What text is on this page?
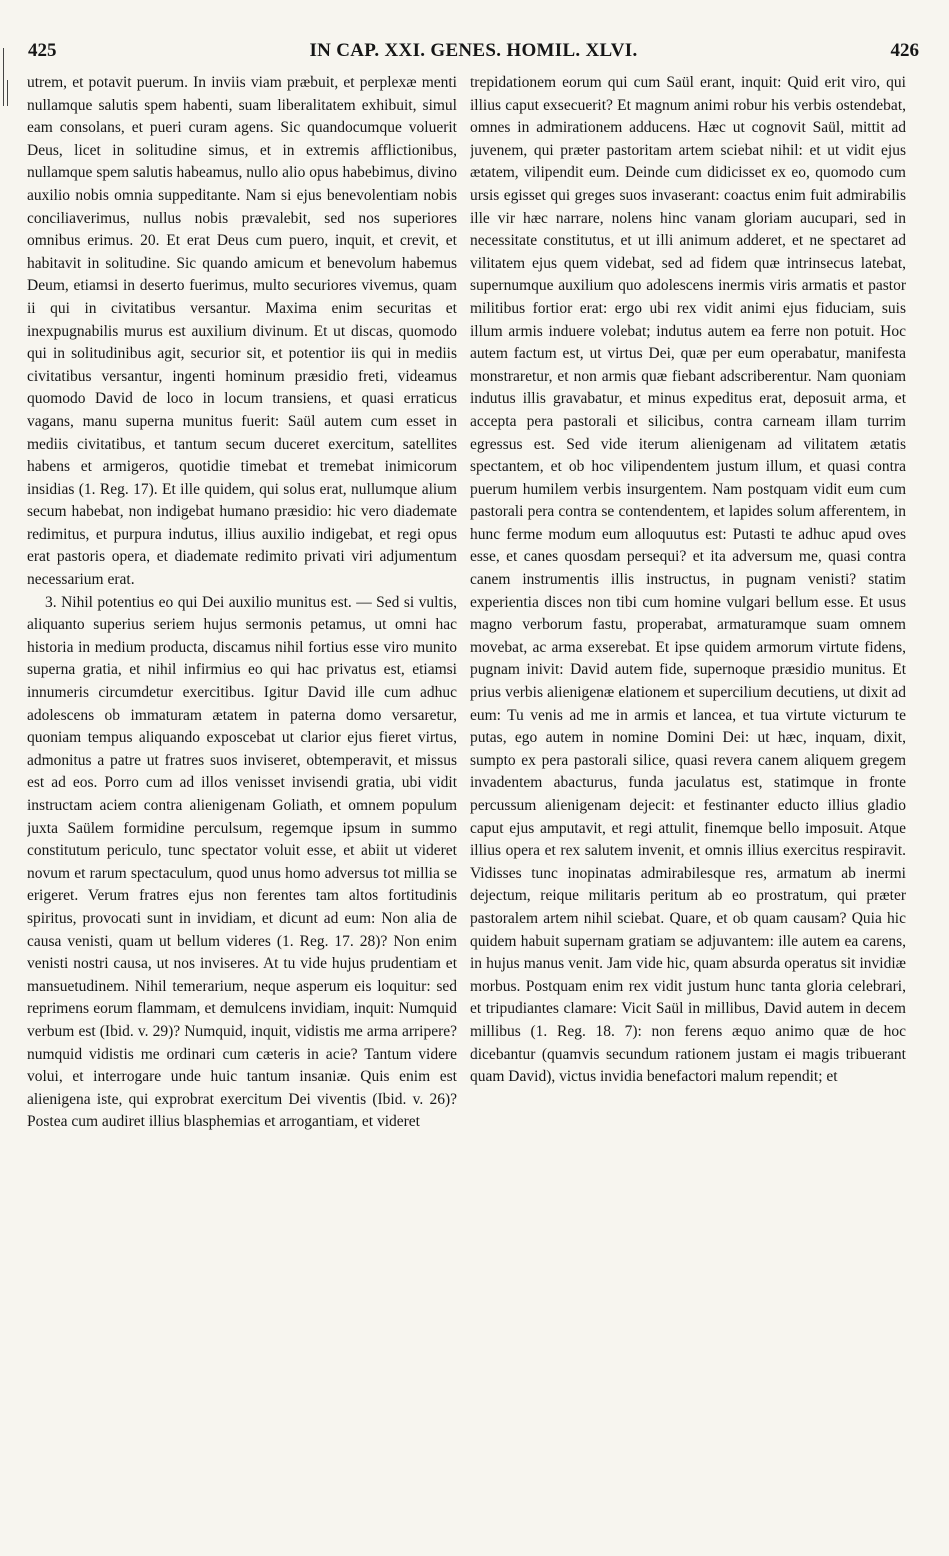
425	IN CAP. XXI. GENES. HOMIL. XLVI.	426

utrem, et potavit puerum. In inviis viam præbuit, et perplexæ menti nullamque salutis spem habenti, suam liberalitatem exhibuit, simul eam consolans, et pueri curam agens. Sic quandocumque voluerit Deus, licet in solitudine simus, et in extremis afflictionibus, nullamque spem salutis habeamus, nullo alio opus habebimus, divino auxilio nobis omnia suppeditante. Nam si ejus benevolentiam nobis conciliaverimus, nullus nobis prævalebit, sed nos superiores omnibus erimus. 20. Et erat Deus cum puero, inquit, et crevit, et habitavit in solitudine. Sic quando amicum et benevolum habemus Deum, etiamsi in deserto fuerimus, multo securiores vivemus, quam ii qui in civitatibus versantur. Maxima enim securitas et inexpugnabilis murus est auxilium divinum. Et ut discas, quomodo qui in solitudinibus agit, securior sit, et potentior iis qui in mediis civitatibus versantur, ingenti hominum præsidio freti, videamus quomodo David de loco in locum transiens, et quasi erraticus vagans, manu superna munitus fuerit: Saül autem cum esset in mediis civitatibus, et tantum secum duceret exercitum, satellites habens et armigeros, quotidie timebat et tremebat inimicorum insidias (1. Reg. 17). Et ille quidem, qui solus erat, nullumque alium secum habebat, non indigebat humano præsidio: hic vero diademate redimitus, et purpura indutus, illius auxilio indigebat, et regi opus erat pastoris opera, et diademate redimito privati viri adjumentum necessarium erat.

3. Nihil potentius eo qui Dei auxilio munitus est. — Sed si vultis, aliquanto superius seriem hujus sermonis petamus, ut omni hac historia in medium producta, discamus nihil fortius esse viro munito superna gratia, et nihil infirmius eo qui hac privatus est, etiamsi innumeris circumdetur exercitibus. Igitur David ille cum adhuc adolescens ob immaturam ætatem in paterna domo versaretur, quoniam tempus aliquando exposcebat ut clarior ejus fieret virtus, admonitus a patre ut fratres suos inviseret, obtemperavit, et missus est ad eos. Porro cum ad illos venisset invisendi gratia, ubi vidit instructam aciem contra alienigenam Goliath, et omnem populum juxta Saülem formidine perculsum, regemque ipsum in summo constitutum periculo, tunc spectator voluit esse, et abiit ut videret novum et rarum spectaculum, quod unus homo adversus tot millia se erigeret. Verum fratres ejus non ferentes tam altos fortitudinis spiritus, provocati sunt in invidiam, et dicunt ad eum: Non alia de causa venisti, quam ut bellum videres (1. Reg. 17. 28)? Non enim venisti nostri causa, ut nos inviseres. At tu vide hujus prudentiam et mansuetudinem. Nihil temerarium, neque asperum eis loquitur: sed reprimens eorum flammam, et demulcens invidiam, inquit: Numquid verbum est (Ibid. v. 29)? Numquid, inquit, vidistis me arma arripere? numquid vidistis me ordinari cum cæteris in acie? Tantum videre volui, et interrogare unde huic tantum insaniæ. Quis enim est alienigena iste, qui exprobrat exercitum Dei viventis (Ibid. v. 26)? Postea cum audiret illius blasphemias et arrogantiam, et videret

trepidationem eorum qui cum Saül erant, inquit: Quid erit viro, qui illius caput exsecuerit? Et magnum animi robur his verbis ostendebat, omnes in admirationem adducens. Hæc ut cognovit Saül, mittit ad juvenem, qui præter pastoritam artem sciebat nihil: et ut vidit ejus ætatem, vilipendit eum. Deinde cum didicisset ex eo, quomodo cum ursis egisset qui greges suos invaserant: coactus enim fuit admirabilis ille vir hæc narrare, nolens hinc vanam gloriam aucupari, sed in necessitate constitutus, et ut illi animum adderet, et ne spectaret ad vilitatem ejus quem videbat, sed ad fidem quæ intrinsecus latebat, supernumque auxilium quo adolescens inermis viris armatis et pastor militibus fortior erat: ergo ubi rex vidit animi ejus fiduciam, suis illum armis induere volebat; indutus autem ea ferre non potuit. Hoc autem factum est, ut virtus Dei, quæ per eum operabatur, manifesta monstraretur, et non armis quæ fiebant adscriberentur. Nam quoniam indutus illis gravabatur, et minus expeditus erat, deposuit arma, et accepta pera pastorali et silicibus, contra carneam illam turrim egressus est. Sed vide iterum alienigenam ad vilitatem ætatis spectantem, et ob hoc vilipendentem justum illum, et quasi contra puerum humilem verbis insurgentem. Nam postquam vidit eum cum pastorali pera contra se contendentem, et lapides solum afferentem, in hunc ferme modum eum alloquutus est: Putasti te adhuc apud oves esse, et canes quosdam persequi? et ita adversum me, quasi contra canem instrumentis illis instructus, in pugnam venisti? statim experientia disces non tibi cum homine vulgari bellum esse. Et usus magno verborum fastu, properabat, armaturamque suam omnem movebat, ac arma exserebat. Et ipse quidem armorum virtute fidens, pugnam inivit: David autem fide, supernoque præsidio munitus. Et prius verbis alienigenæ elationem et supercilium decutiens, ut dixit ad eum: Tu venis ad me in armis et lancea, et tua virtute victurum te putas, ego autem in nomine Domini Dei: ut hæc, inquam, dixit, sumpto ex pera pastorali silice, quasi revera canem aliquem gregem invadentem abacturus, funda jaculatus est, statimque in fronte percussum alienigenam dejecit: et festinanter educto illius gladio caput ejus amputavit, et regi attulit, finemque bello imposuit. Atque illius opera et rex salutem invenit, et omnis illius exercitus respiravit. Vidisses tunc inopinatas admirabilesque res, armatum ab inermi dejectum, reique militaris peritum ab eo prostratum, qui præter pastoralem artem nihil sciebat. Quare, et ob quam causam? Quia hic quidem habuit supernam gratiam se adjuvantem: ille autem ea carens, in hujus manus venit. Jam vide hic, quam absurda operatus sit invidiæ morbus. Postquam enim rex vidit justum hunc tanta gloria celebrari, et tripudiantes clamare: Vicit Saül in millibus, David autem in decem millibus (1. Reg. 18. 7): non ferens æquo animo quæ de hoc dicebantur (quamvis secundum rationem justam ei magis tribuerant quam David), victus invidia benefactori malum rependit; et
